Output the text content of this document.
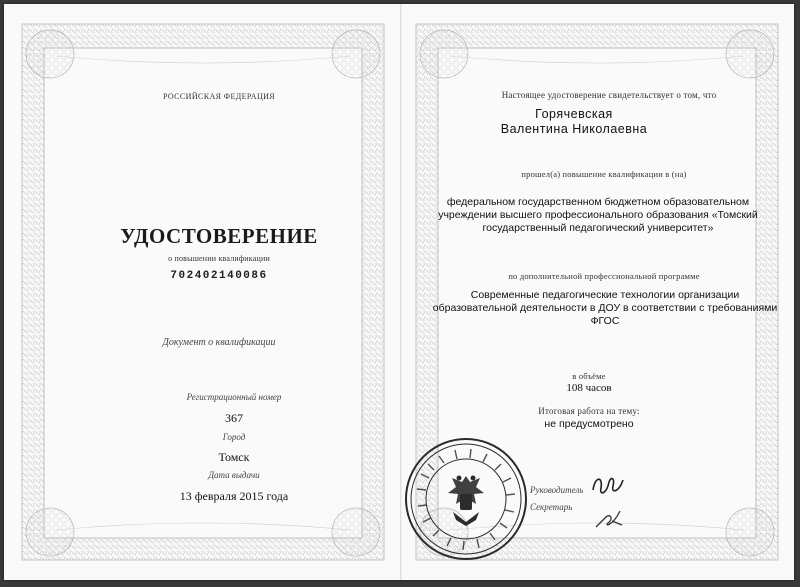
РОССИЙСКАЯ ФЕДЕРАЦИЯ
УДОСТОВЕРЕНИЕ
о повышении квалификации
702402140086
Документ о квалификации
Регистрационный номер
367
Город
Томск
Дата выдачи
13 февраля 2015 года
Настоящее удостоверение свидетельствует о том, что
Горячевская
Валентина Николаевна
прошел(а) повышение квалификации в (на)
федеральном государственном бюджетном образовательном учреждении высшего профессионального образования «Томский государственный педагогический университет»
по дополнительной профессиональной программе
Современные педагогические технологии организации образовательной деятельности в ДОУ в соответствии с требованиями ФГОС
в объёме
108 часов
Итоговая работа на тему:
не предусмотрено
Руководитель
Секретарь
